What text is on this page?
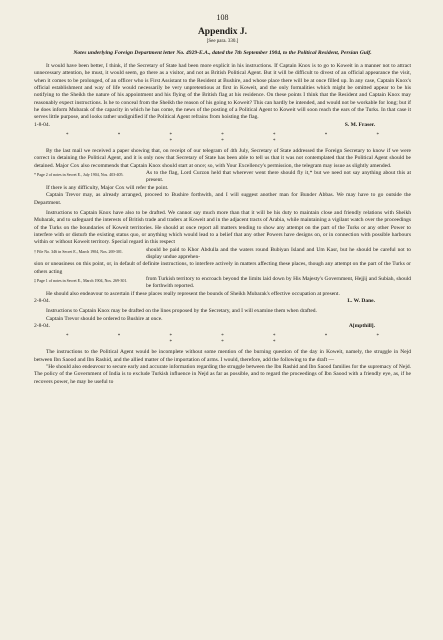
108
Appendix J.
[See para. 330.]
Notes underlying Foreign Department letter No. 4929-E.A., dated the 7th September 1904, to the Political Resident, Persian Gulf.

It would have been better, I think, if the Secretary of State had been more explicit in his instructions. If Captain Knox is to go to Koweit in a manner not to attract unnecessary attention, he must, it would seem, go there as a visitor, and not as British Political Agent. But it will be difficult to divest of an official appearance the visit, when it comes to be prolonged, of an officer who is First Assistant to the Resident at Bushire, and whose place there will be at once filled up. In any case, Captain Knox's official establishment and way of life would necessarily be very unpretentious at first in Koweit, and the only formalities which might be omitted appear to be his notifying to the Sheikh the nature of his appointment and his flying of the British flag at his residence. On these points I think that the Resident and Captain Knox may reasonably expect instructions. Is he to conceal from the Sheikh the reason of his going to Koweit? This can hardly be intended, and would not be workable for long; but if he does inform Mubarak of the capacity in which he has come, the news of the posting of a Political Agent to Koweit will soon reach the ears of the Turks. In that case it serves little purpose, and looks rather undignified if the Political Agent refrains from hoisting the flag.

1-8-04.	S. M. Fraser.
* * * * * * * * * *

By the last mail we received a paper showing that, on receipt of our telegram of 4th July, Secretary of State addressed the Foreign Secretary to know if we were correct in detaining the Political Agent, and it is only now that Secretary of State has been able to tell us that it was not contemplated that the Political Agent should be detained. Major Cox also recommends that Captain Knox should start at once; so, with Your Excellency's permission, the telegram may issue as slightly amended.

* Page 2 of notes in Secret E., July 1904, Nos. 403-405.	As to the flag, Lord Curzon held that wherever went there should fly it,* but we need not say anything about this at present.

If there is any difficulty, Major Cox will refer the point.

Captain Trevor may, as already arranged, proceed to Bushire forthwith, and I will suggest another man for Bunder Abbas. We may have to go outside the Department.

Instructions to Captain Knox have also to be drafted. We cannot say much more than that it will be his duty to maintain close and friendly relations with Sheikh Mubarak, and to safeguard the interests of British trade and traders at Koweit and in the adjacent tracts of Arabia, while maintaining a vigilant watch over the proceedings of the Turks on the boundaries of Koweit territories. He should at once report all matters tending to show any attempt on the part of the Turks or any other Power to interfere with or disturb the existing status quo, or anything which would lead to a belief that any other Powers have designs on, or in connection with possible harbours within or without Koweit territory. Special regard in this respect

† File No. 346 in Secret E., March 1904, Nos. 269-301.	should be paid to Khor Abdulla and the waters round Bubiyan Island and Um Kasr, but he should be careful not to display undue apprehen-

sion or uneasiness on this point, or, in default of definite instructions, to interfere actively in matters affecting these places, though any attempt on the part of the Turks or others acting

‡ Page 1 of notes in Secret E., March 1904, Nos. 269-301.	from Turkish territory to encroach beyond the limits laid down by His Majesty's Government, Hejjij and Subiah, should be forthwith reported.

He should also endeavour to ascertain if these places really represent the bounds of Sheikh Mubarak's effective occupation at present.

2-8-04.	L. W. Dane.

Instructions to Captain Knox may be drafted on the lines proposed by the Secretary, and I will examine them when drafted.

Captain Trevor should be ordered to Bushire at once.

2-8-04.	A[mpthill].
* * * * * * * * * *

The instructions to the Political Agent would be incomplete without some mention of the burning question of the day in Koweit, namely, the struggle in Nejd between Ibn Saood and Ibn Rashid, and the allied matter of the importation of arms. I would, therefore, add the following to the draft —

"He should also endeavour to secure early and accurate information regarding the struggle between the Ibn Rashid and Ibn Saood families for the supremacy of Nejd. The policy of the Government of India is to exclude Turkish influence in Nejd as far as possible, and to regard the proceedings of Ibn Saood with a friendly eye, as, if he recovers power, he may be useful to
